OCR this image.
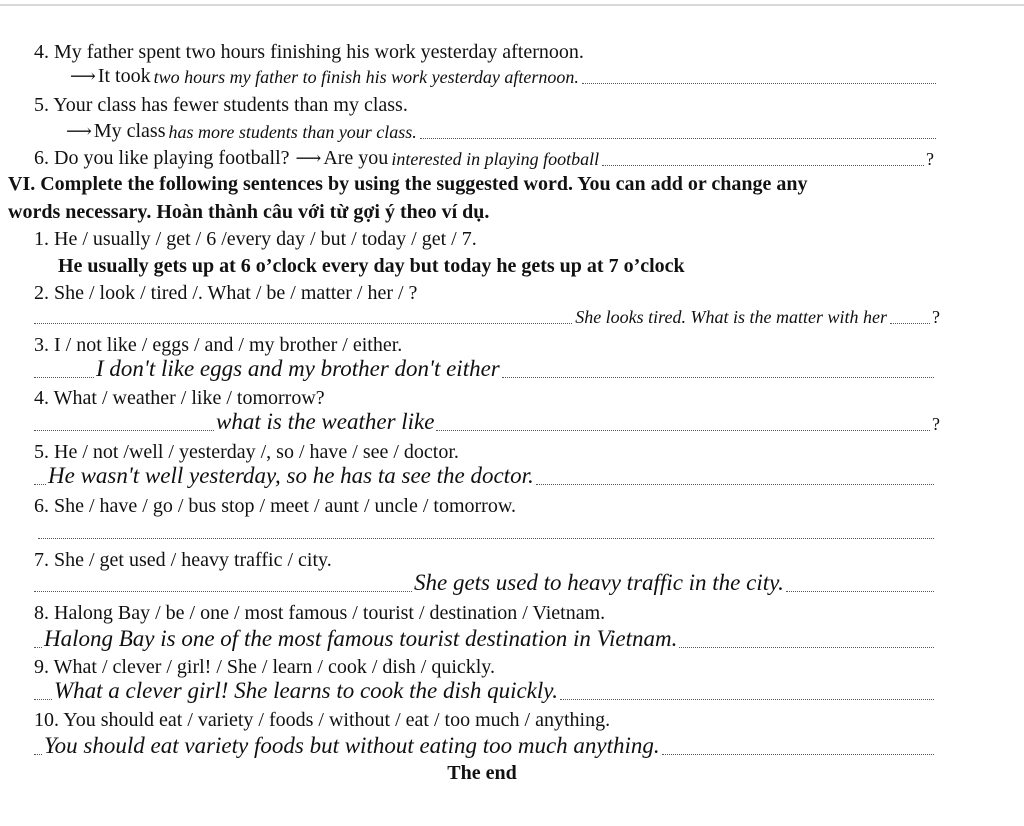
4. My father spent two hours finishing his work yesterday afternoon.
⟶ It took two hours my father to finish his work yesterday afternoon.
5. Your class has fewer students than my class.
⟶ My class has more students than your class.
6. Do you like playing football? ⟶ Are you interested in playing football	?
VI. Complete the following sentences by using the suggested word. You can add or change any
words necessary. Hoàn thành câu với từ gợi ý theo ví dụ.
1. He / usually / get / 6 /every day / but / today / get / 7.
He usually gets up at 6 o’clock every day but today he gets up at 7 o’clock
2. She / look / tired /. What / be / matter / her / ?
She looks tired. What is the matter with her	?
3. I / not like / eggs / and / my brother / either.
I don't like eggs and my brother don't either
4. What / weather / like / tomorrow?
what is the weather like	?
5. He / not /well / yesterday /, so / have / see / doctor.
He wasn't well yesterday, so he has ta see the doctor.
6. She / have / go / bus stop / meet / aunt / uncle / tomorrow.
7. She / get used / heavy traffic / city.
She gets used to heavy traffic in the city.
8. Halong Bay / be / one / most famous / tourist / destination / Vietnam.
Halong Bay is one of the most famous tourist destination in Vietnam.
9. What / clever / girl! / She / learn / cook / dish / quickly.
What a clever girl! She learns to cook the dish quickly.
10. You should eat / variety / foods / without / eat / too much / anything.
You should eat variety foods but without eating too much anything.
The end
